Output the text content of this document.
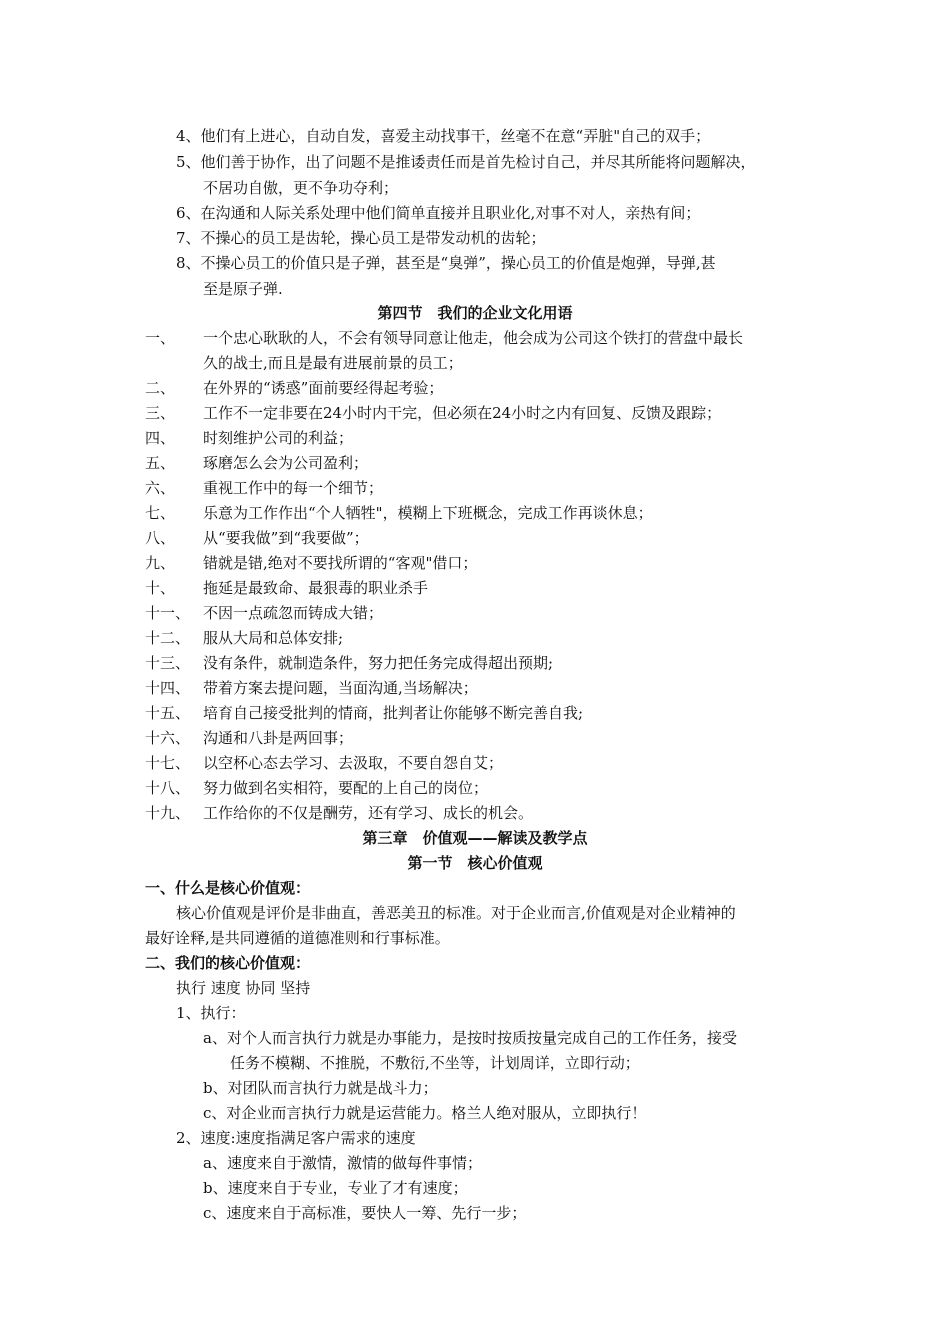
4、他们有上进心，自动自发，喜爱主动找事干，丝毫不在意“弄脏"自己的双手；
5、他们善于协作，出了问题不是推诿责任而是首先检讨自己，并尽其所能将问题解决，
不居功自傲，更不争功夺利；
6、在沟通和人际关系处理中他们简单直接并且职业化,对事不对人，亲热有间；
7、不操心的员工是齿轮，操心员工是带发动机的齿轮；
8、不操心员工的价值只是子弹，甚至是“臭弹”，操心员工的价值是炮弹，导弹,甚
至是原子弹.
第四节　我们的企业文化用语
一、 一个忠心耿耿的人，不会有领导同意让他走，他会成为公司这个铁打的营盘中最长
久的战士,而且是最有进展前景的员工；
二、 在外界的“诱惑”面前要经得起考验；
三、 工作不一定非要在24小时内干完，但必须在24小时之内有回复、反馈及跟踪；
四、 时刻维护公司的利益；
五、 琢磨怎么会为公司盈利；
六、 重视工作中的每一个细节；
七、 乐意为工作作出“个人牺牲"，模糊上下班概念，完成工作再谈休息；
八、 从“要我做”到“我要做”；
九、 错就是错,绝对不要找所谓的“客观"借口；
十、 拖延是最致命、最狠毒的职业杀手
十一、 不因一点疏忽而铸成大错；
十二、 服从大局和总体安排;
十三、 没有条件，就制造条件，努力把任务完成得超出预期;
十四、 带着方案去提问题，当面沟通,当场解决；
十五、 培育自己接受批判的情商，批判者让你能够不断完善自我;
十六、 沟通和八卦是两回事；
十七、 以空杯心态去学习、去汲取，不要自怨自艾；
十八、 努力做到名实相符，要配的上自己的岗位；
十九、 工作给你的不仅是酬劳，还有学习、成长的机会。
第三章　价值观——解读及教学点
第一节　核心价值观
一、什么是核心价值观：
核心价值观是评价是非曲直，善恶美丑的标准。对于企业而言,价值观是对企业精神的
最好诠释,是共同遵循的道德准则和行事标准。
二、我们的核心价值观：
执行 速度 协同 坚持
1、执行：
a、对个人而言执行力就是办事能力，是按时按质按量完成自己的工作任务，接受
任务不模糊、不推脱，不敷衍,不坐等，计划周详，立即行动；
b、对团队而言执行力就是战斗力；
c、对企业而言执行力就是运营能力。格兰人绝对服从，立即执行！
2、速度:速度指满足客户需求的速度
a、速度来自于激情，激情的做每件事情；
b、速度来自于专业，专业了才有速度；
c、速度来自于高标准，要快人一筹、先行一步；
